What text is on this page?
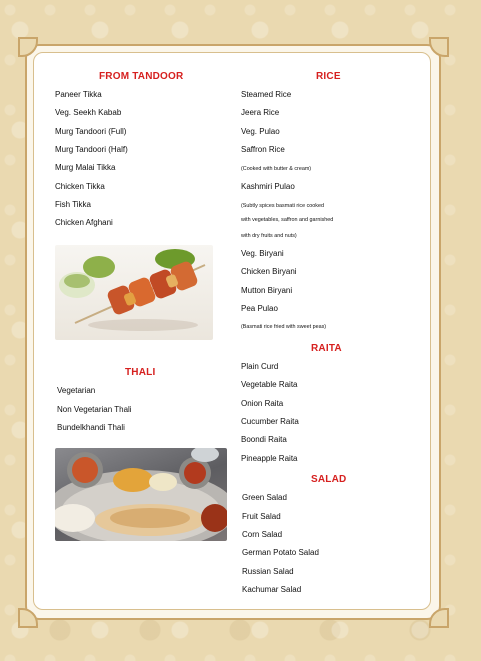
FROM TANDOOR
Paneer Tikka
Veg. Seekh Kabab
Murg Tandoori (Full)
Murg Tandoori (Half)
Murg Malai Tikka
Chicken Tikka
Fish Tikka
Chicken Afghani
THALI
Vegetarian
Non Vegetarian Thali
Bundelkhandi Thali
RICE
Steamed Rice
Jeera Rice
Veg. Pulao
Saffron Rice
(Cooked with butter & cream)
Kashmiri Pulao
(Subtly spices basmati rice cooked
with vegetables, saffron and garnished
with dry fruits and nuts)
Veg. Biryani
Chicken Biryani
Mutton Biryani
Pea Pulao
(Basmati rice fried with sweet peas)
RAITA
Plain Curd
Vegetable Raita
Onion Raita
Cucumber Raita
Boondi Raita
Pineapple Raita
SALAD
Green Salad
Fruit Salad
Corn Salad
German Potato Salad
Russian Salad
Kachumar Salad
